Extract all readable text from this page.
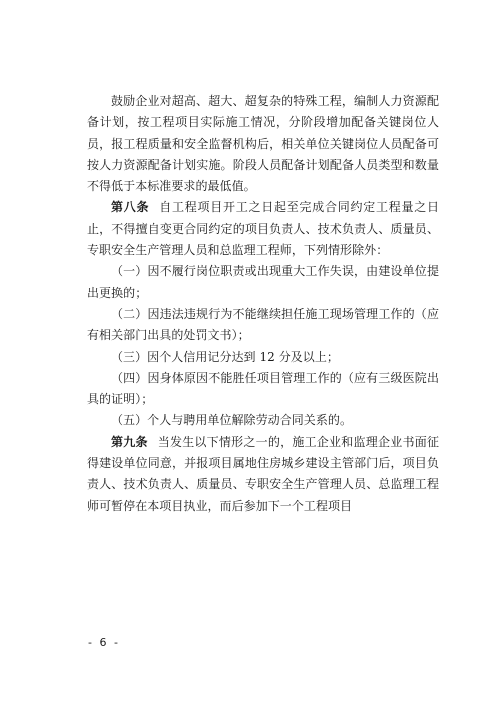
鼓励企业对超高、超大、超复杂的特殊工程，编制人力资源配备计划，按工程项目实际施工情况，分阶段增加配备关键岗位人员，报工程质量和安全监督机构后，相关单位关键岗位人员配备可按人力资源配备计划实施。阶段人员配备计划配备人员类型和数量不得低于本标准要求的最低值。

第八条 自工程项目开工之日起至完成合同约定工程量之日止，不得擅自变更合同约定的项目负责人、技术负责人、质量员、专职安全生产管理人员和总监理工程师，下列情形除外：

（一）因不履行岗位职责或出现重大工作失误，由建设单位提出更换的；

（二）因违法违规行为不能继续担任施工现场管理工作的（应有相关部门出具的处罚文书）；

（三）因个人信用记分达到 12 分及以上；

（四）因身体原因不能胜任项目管理工作的（应有三级医院出具的证明）；

（五）个人与聘用单位解除劳动合同关系的。

第九条 当发生以下情形之一的，施工企业和监理企业书面征得建设单位同意，并报项目属地住房城乡建设主管部门后，项目负责人、技术负责人、质量员、专职安全生产管理人员、总监理工程师可暂停在本项目执业，而后参加下一个工程项目

- 6 -
